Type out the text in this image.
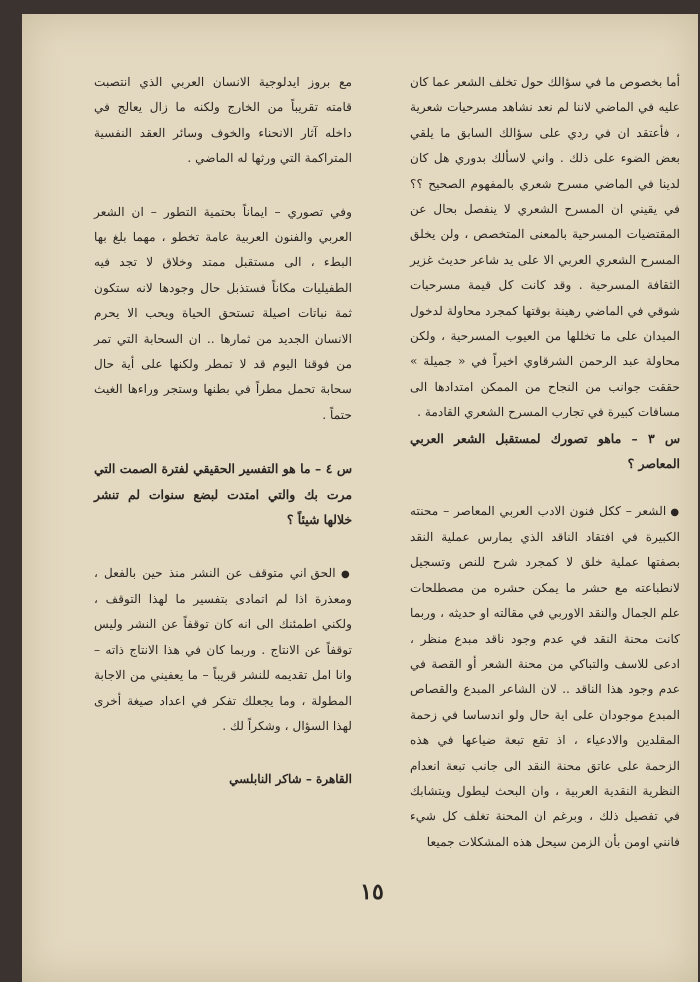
أما بخصوص ما في سؤالك حول تخلف الشعر عما كان عليه في الماضي لاننا لم نعد نشاهد مسرحيات شعرية ، فأعتقد ان في ردي على سؤالك السابق ما يلقي بعض الضوء على ذلك . واني لاسألك بدوري هل كان لدينا في الماضي مسرح شعري بالمفهوم الصحيح ؟؟ في يقيني ان المسرح الشعري لا ينفصل بحال عن المقتضيات المسرحية بالمعنى المتخصص ، ولن يخلق المسرح الشعري العربي الا على يد شاعر حديث غزير الثقافة المسرحية . وقد كانت كل قيمة مسرحيات شوقي في الماضي رهينة بوقتها كمجرد محاولة لدخول الميدان على ما تخللها من العيوب المسرحية ، ولكن محاولة عبد الرحمن الشرقاوي اخيراً في « جميلة » حققت جوانب من النجاح من الممكن امتدادها الى مسافات كبيرة في تجارب المسرح الشعري القادمة .

س ٣ – ماهو تصورك لمستقبل الشعر العربي المعاصر ؟

● الشعر – ككل فنون الادب العربي المعاصر – محنته الكبيرة في افتقاد الناقد الذي يمارس عملية النقد بصفتها عملية خلق لا كمجرد شرح للنص وتسجيل لانطباعته مع حشر ما يمكن حشره من مصطلحات علم الجمال والنقد الاوربي في مقالته او حديثه ، وربما كانت محنة النقد في عدم وجود ناقد مبدع منظر ، ادعى للاسف والتباكي من محنة الشعر أو القصة في عدم وجود هذا الناقد .. لان الشاعر المبدع والقصاص المبدع موجودان على اية حال ولو اندساسا في زحمة المقلدين والادعياء ، اذ تقع تبعة ضياعها في هذه الزحمة على عاتق محنة النقد الى جانب تبعة انعدام النظرية النقدية العربية ، وان البحث ليطول ويتشابك في تفصيل ذلك ، وبرغم ان المحنة تغلف كل شيء فانني اومن بأن الزمن سيحل هذه المشكلات جميعا

مع بروز ايدلوجية الانسان العربي الذي انتصبت قامته تقريباً من الخارج ولكنه ما زال يعالج في داخله آثار الانحناء والخوف وسائر العقد النفسية المتراكمة التي ورثها له الماضي .

وفي تصوري – ايماناً بحتمية التطور – ان الشعر العربي والفنون العربية عامة تخطو ، مهما بلغ بها البطء ، الى مستقبل ممتد وخلاق لا تجد فيه الطفيليات مكاناً فستذبل حال وجودها لانه ستكون ثمة نباتات اصيلة تستحق الحياة ويحب الا يحرم الانسان الجديد من ثمارها .. ان السحابة التي تمر من فوقنا اليوم قد لا تمطر ولكنها على أية حال سحابة تحمل مطراً في بطنها وستجر وراءها الغيث حتماً .

س ٤ – ما هو التفسير الحقيقي لفترة الصمت التي مرت بك والتي امتدت لبضع سنوات لم تنشر خلالها شيئاً ؟

● الحق اني متوقف عن النشر منذ حين بالفعل ، ومعذرة اذا لم اتمادى بتفسير ما لهذا التوقف ، ولكني اطمئنك الى انه كان توقفاً عن النشر وليس توقفاً عن الانتاج . وربما كان في هذا الانتاج ذاته – وانا امل تقديمه للنشر قريباً – ما يعفيني من الاجابة المطولة ، وما يجعلك تفكر في اعداد صيغة أخرى لهذا السؤال ، وشكراً لك .

القاهرة – شاكر النابلسي

١٥
